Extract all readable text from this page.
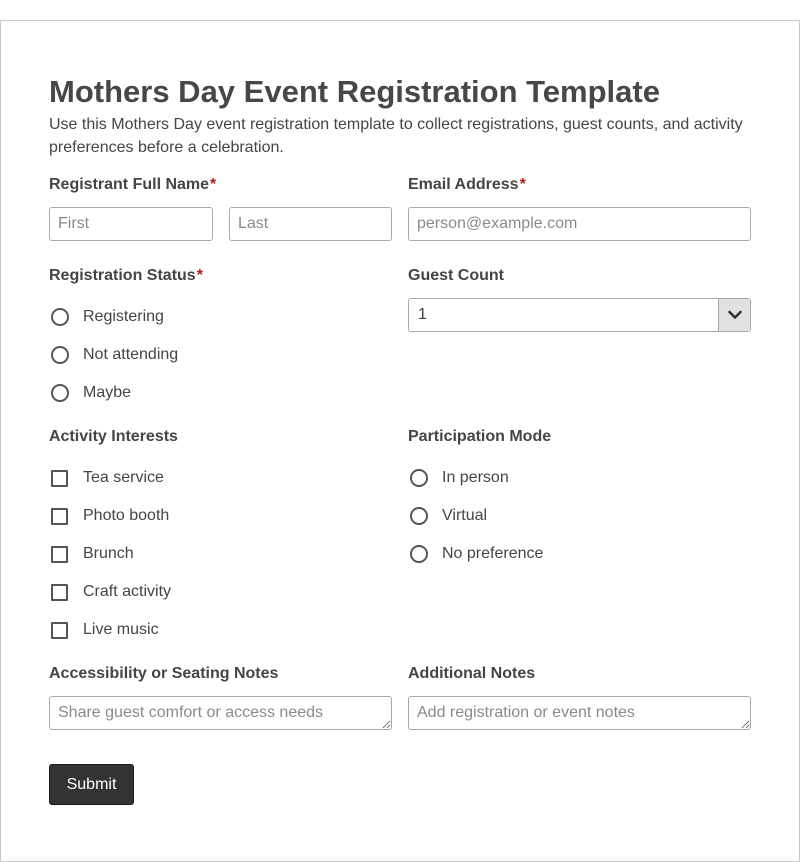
Mothers Day Event Registration Template
Use this Mothers Day event registration template to collect registrations, guest counts, and activity preferences before a celebration.
Registrant Full Name*
First
Last	Email Address*
person@example.com
Registration Status*
Registering
Not attending
Maybe
Guest Count
1
Activity Interests
Tea service
Photo booth
Brunch
Craft activity
Live music
Participation Mode
In person
Virtual
No preference
Accessibility or Seating Notes
Share guest comfort or access needs	Additional Notes
Add registration or event notes
Submit
